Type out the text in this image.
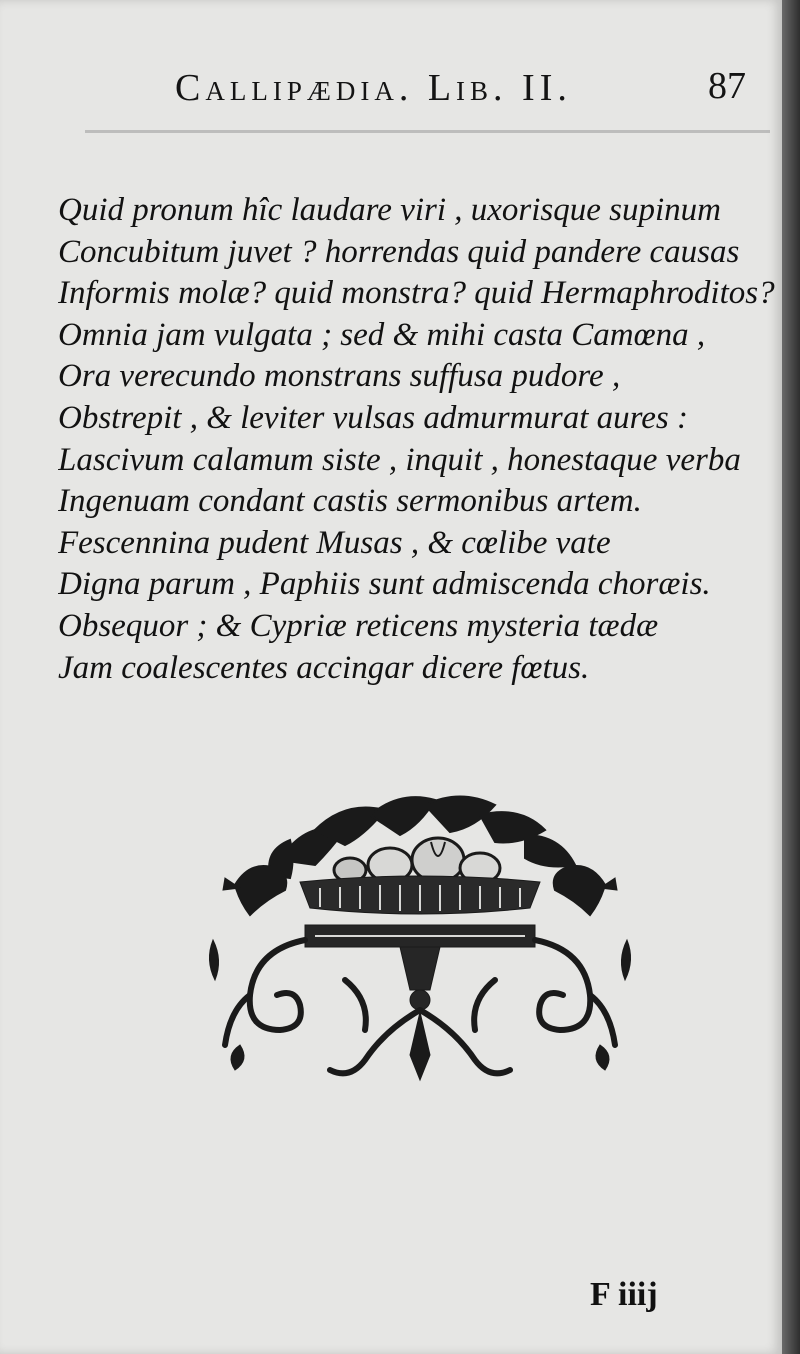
Callipædia. Lib. II.	87
Quid pronum hîc laudare viri , uxorisque supinum
Concubitum juvet ? horrendas quid pandere causas
Informis molæ? quid monstra? quid Hermaphroditos?
Omnia jam vulgata ; sed & mihi casta Camœna ,
Ora verecundo monstrans suffusa pudore ,
Obstrepit , & leviter vulsas admurmurat aures :
Lascivum calamum siste , inquit , honestaque verba
Ingenuam condant castis sermonibus artem.
Fescennina pudent Musas , & cœlibe vate
Digna parum , Paphiis sunt admiscenda choræis.
Obsequor ; & Cypriæ reticens mysteria tædæ
Jam coalescentes accingar dicere fœtus.
F iiij
